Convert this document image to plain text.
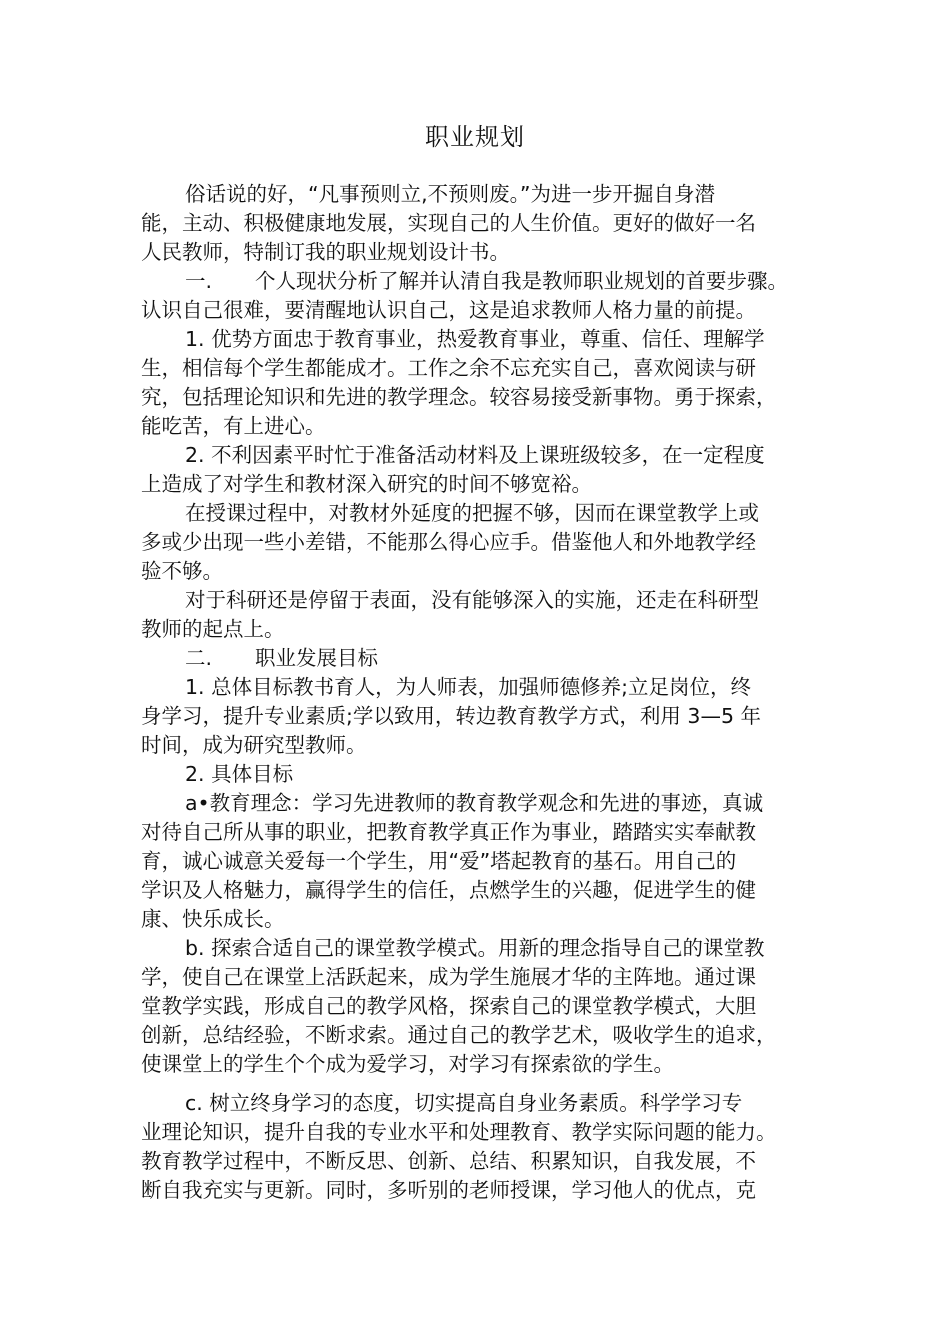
职业规划
俗话说的好，“凡事预则立,不预则废。”为进一步开掘自身潜
能，主动、积极健康地发展，实现自己的人生价值。更好的做好一名
人民教师，特制订我的职业规划设计书。
一. 个人现状分析了解并认清自我是教师职业规划的首要步骤。
认识自己很难，要清醒地认识自己，这是追求教师人格力量的前提。
1. 优势方面忠于教育事业，热爱教育事业，尊重、信任、理解学
生，相信每个学生都能成才。工作之余不忘充实自己，喜欢阅读与研
究，包括理论知识和先进的教学理念。较容易接受新事物。勇于探索，
能吃苦，有上进心。
2. 不利因素平时忙于准备活动材料及上课班级较多，在一定程度
上造成了对学生和教材深入研究的时间不够宽裕。
在授课过程中，对教材外延度的把握不够，因而在课堂教学上或
多或少出现一些小差错，不能那么得心应手。借鉴他人和外地教学经
验不够。
对于科研还是停留于表面，没有能够深入的实施，还走在科研型
教师的起点上。
二. 职业发展目标
1. 总体目标教书育人，为人师表，加强师德修养;立足岗位，终
身学习，提升专业素质;学以致用，转边教育教学方式，利用 3—5 年
时间，成为研究型教师。
2. 具体目标
a•教育理念：学习先进教师的教育教学观念和先进的事迹，真诚
对待自己所从事的职业，把教育教学真正作为事业，踏踏实实奉献教
育，诚心诚意关爱每一个学生，用“爱”塔起教育的基石。用自己的
学识及人格魅力，赢得学生的信任，点燃学生的兴趣，促进学生的健
康、快乐成长。
b. 探索合适自己的课堂教学模式。用新的理念指导自己的课堂教
学，使自己在课堂上活跃起来，成为学生施展才华的主阵地。通过课
堂教学实践，形成自己的教学风格，探索自己的课堂教学模式，大胆
创新，总结经验，不断求索。通过自己的教学艺术，吸收学生的追求，
使课堂上的学生个个成为爱学习，对学习有探索欲的学生。
c. 树立终身学习的态度，切实提高自身业务素质。科学学习专
业理论知识，提升自我的专业水平和处理教育、教学实际问题的能力。
教育教学过程中，不断反思、创新、总结、积累知识，自我发展，不
断自我充实与更新。同时，多听别的老师授课，学习他人的优点，克
